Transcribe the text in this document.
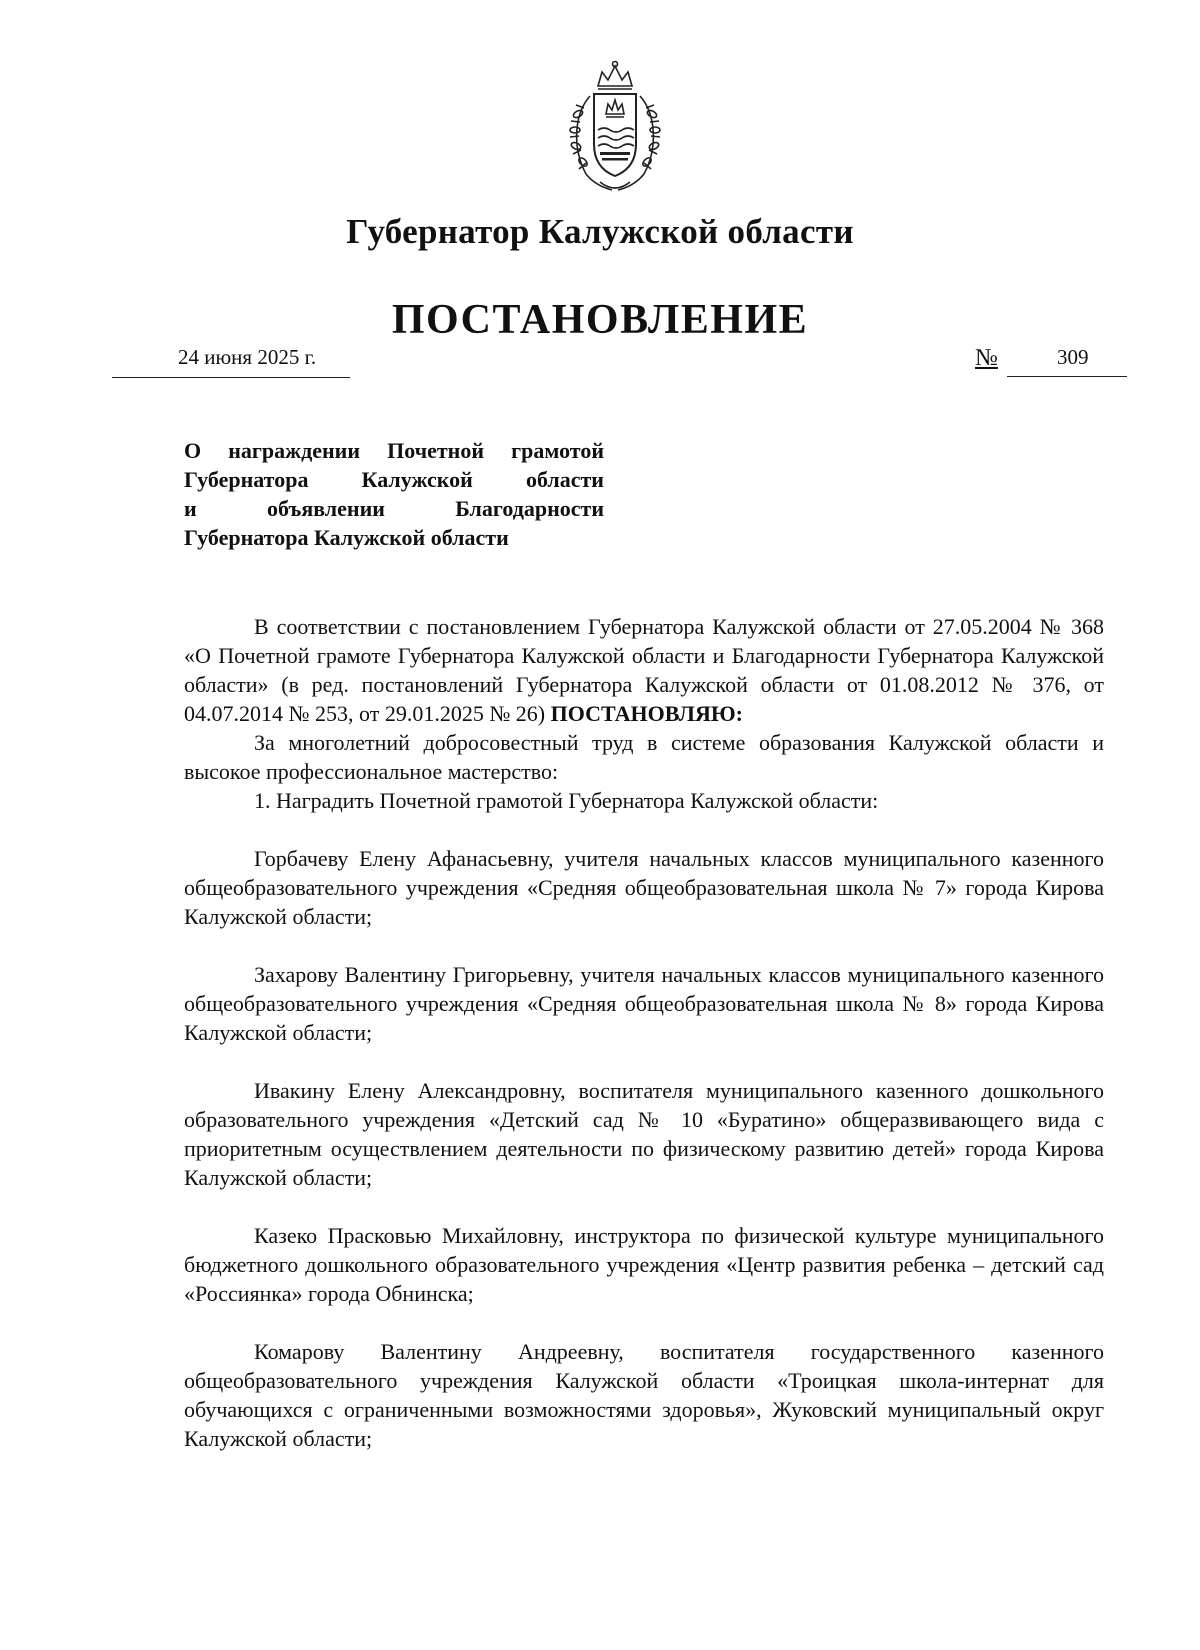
Губернатор Калужской области
ПОСТАНОВЛЕНИЕ
24 июня 2025 г.	№	309
О награждении Почетной грамотой
Губернатора Калужской области
и объявлении Благодарности
Губернатора Калужской области

В соответствии с постановлением Губернатора Калужской области от 27.05.2004 № 368 «О Почетной грамоте Губернатора Калужской области и Благодарности Губернатора Калужской области» (в ред. постановлений Губернатора Калужской области от 01.08.2012 № 376, от 04.07.2014 № 253, от 29.01.2025 № 26) ПОСТАНОВЛЯЮ:

За многолетний добросовестный труд в системе образования Калужской области и высокое профессиональное мастерство:

1. Наградить Почетной грамотой Губернатора Калужской области:

Горбачеву Елену Афанасьевну, учителя начальных классов муниципального казенного общеобразовательного учреждения «Средняя общеобразовательная школа № 7» города Кирова Калужской области;

Захарову Валентину Григорьевну, учителя начальных классов муниципального казенного общеобразовательного учреждения «Средняя общеобразовательная школа № 8» города Кирова Калужской области;

Ивакину Елену Александровну, воспитателя муниципального казенного дошкольного образовательного учреждения «Детский сад № 10 «Буратино» общеразвивающего вида с приоритетным осуществлением деятельности по физическому развитию детей» города Кирова Калужской области;

Казеко Прасковью Михайловну, инструктора по физической культуре муниципального бюджетного дошкольного образовательного учреждения «Центр развития ребенка – детский сад «Россиянка» города Обнинска;

Комарову Валентину Андреевну, воспитателя государственного казенного общеобразовательного учреждения Калужской области «Троицкая школа-интернат для обучающихся с ограниченными возможностями здоровья», Жуковский муниципальный округ Калужской области;
